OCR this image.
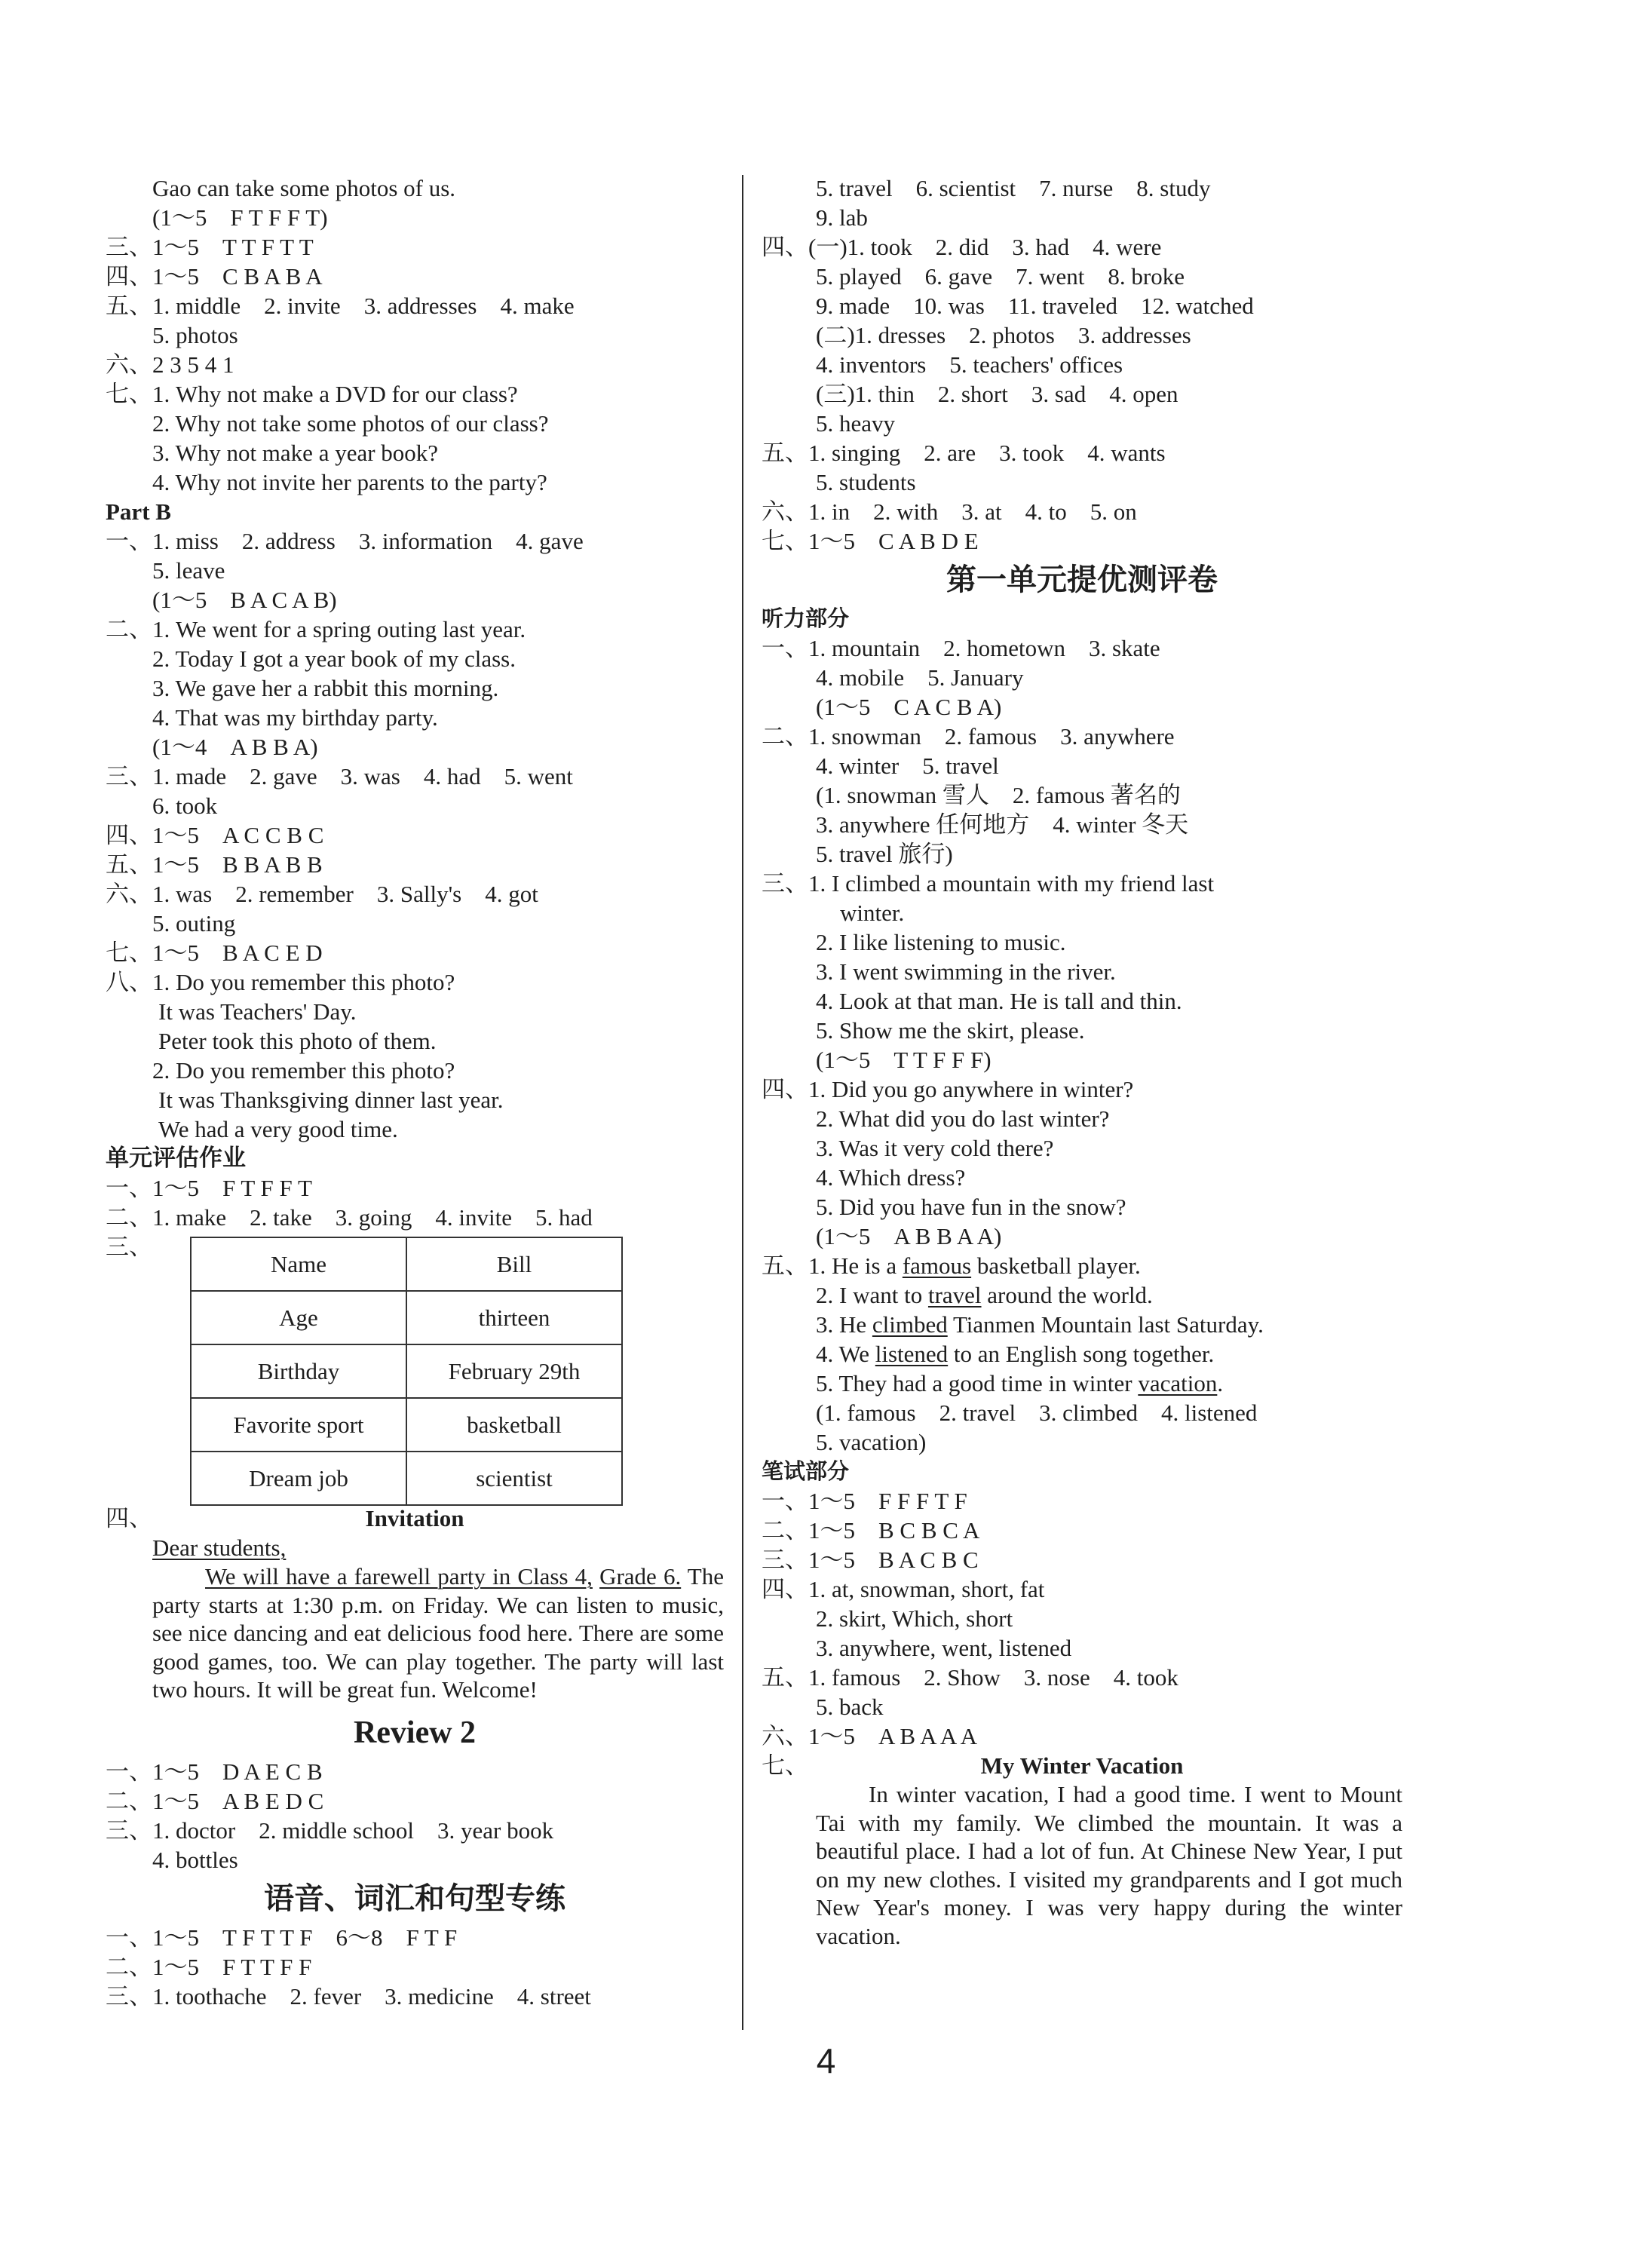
Gao can take some photos of us.
(1～5　F T F F T)
三、1～5　T T F T T
四、1～5　C B A B A
五、1. middle　2. invite　3. addresses　4. make
5. photos
六、2 3 5 4 1
七、1. Why not make a DVD for our class?
2. Why not take some photos of our class?
3. Why not make a year book?
4. Why not invite her parents to the party?
Part B
一、1. miss　2. address　3. information　4. gave
5. leave
(1～5　B A C A B)
二、1. We went for a spring outing last year.
2. Today I got a year book of my class.
3. We gave her a rabbit this morning.
4. That was my birthday party.
(1～4　A B B A)
三、1. made　2. gave　3. was　4. had　5. went
6. took
四、1～5　A C C B C
五、1～5　B B A B B
六、1. was　2. remember　3. Sally's　4. got
5. outing
七、1～5　B A C E D
八、1. Do you remember this photo?
It was Teachers' Day.
Peter took this photo of them.
2. Do you remember this photo?
It was Thanksgiving dinner last year.
We had a very good time.
单元评估作业
一、1～5　F T F F T
二、1. make　2. take　3. going　4. invite　5. had
三、
Name	Bill
Age	thirteen
Birthday	February 29th
Favorite sport	basketball
Dream job	scientist
四、	Invitation
Dear students,
We will have a farewell party in Class 4, Grade 6. The party starts at 1:30 p.m. on Friday. We can listen to music, see nice dancing and eat delicious food here. There are some good games, too. We can play together. The party will last two hours. It will be great fun. Welcome!
Review 2
一、1～5　D A E C B
二、1～5　A B E D C
三、1. doctor　2. middle school　3. year book
4. bottles
语音、词汇和句型专练
一、1～5　T F T T F　6～8　F T F
二、1～5　F T T F F
三、1. toothache　2. fever　3. medicine　4. street
5. travel　6. scientist　7. nurse　8. study
9. lab
四、(一)1. took　2. did　3. had　4. were
5. played　6. gave　7. went　8. broke
9. made　10. was　11. traveled　12. watched
(二)1. dresses　2. photos　3. addresses
4. inventors　5. teachers' offices
(三)1. thin　2. short　3. sad　4. open
5. heavy
五、1. singing　2. are　3. took　4. wants
5. students
六、1. in　2. with　3. at　4. to　5. on
七、1～5　C A B D E
第一单元提优测评卷
听力部分
一、1. mountain　2. hometown　3. skate
4. mobile　5. January
(1～5　C A C B A)
二、1. snowman　2. famous　3. anywhere
4. winter　5. travel
(1. snowman 雪人　2. famous 著名的
3. anywhere 任何地方　4. winter 冬天
5. travel 旅行)
三、1. I climbed a mountain with my friend last
winter.
2. I like listening to music.
3. I went swimming in the river.
4. Look at that man. He is tall and thin.
5. Show me the skirt, please.
(1～5　T T F F F)
四、1. Did you go anywhere in winter?
2. What did you do last winter?
3. Was it very cold there?
4. Which dress?
5. Did you have fun in the snow?
(1～5　A B B A A)
五、1. He is a famous basketball player.
2. I want to travel around the world.
3. He climbed Tianmen Mountain last Saturday.
4. We listened to an English song together.
5. They had a good time in winter vacation.
(1. famous　2. travel　3. climbed　4. listened
5. vacation)
笔试部分
一、1～5　F F F T F
二、1～5　B C B C A
三、1～5　B A C B C
四、1. at, snowman, short, fat
2. skirt, Which, short
3. anywhere, went, listened
五、1. famous　2. Show　3. nose　4. took
5. back
六、1～5　A B A A A
七、	My Winter Vacation
In winter vacation, I had a good time. I went to Mount Tai with my family. We climbed the mountain. It was a beautiful place. I had a lot of fun. At Chinese New Year, I put on my new clothes. I visited my grandparents and I got much New Year's money. I was very happy during the winter vacation.
4
